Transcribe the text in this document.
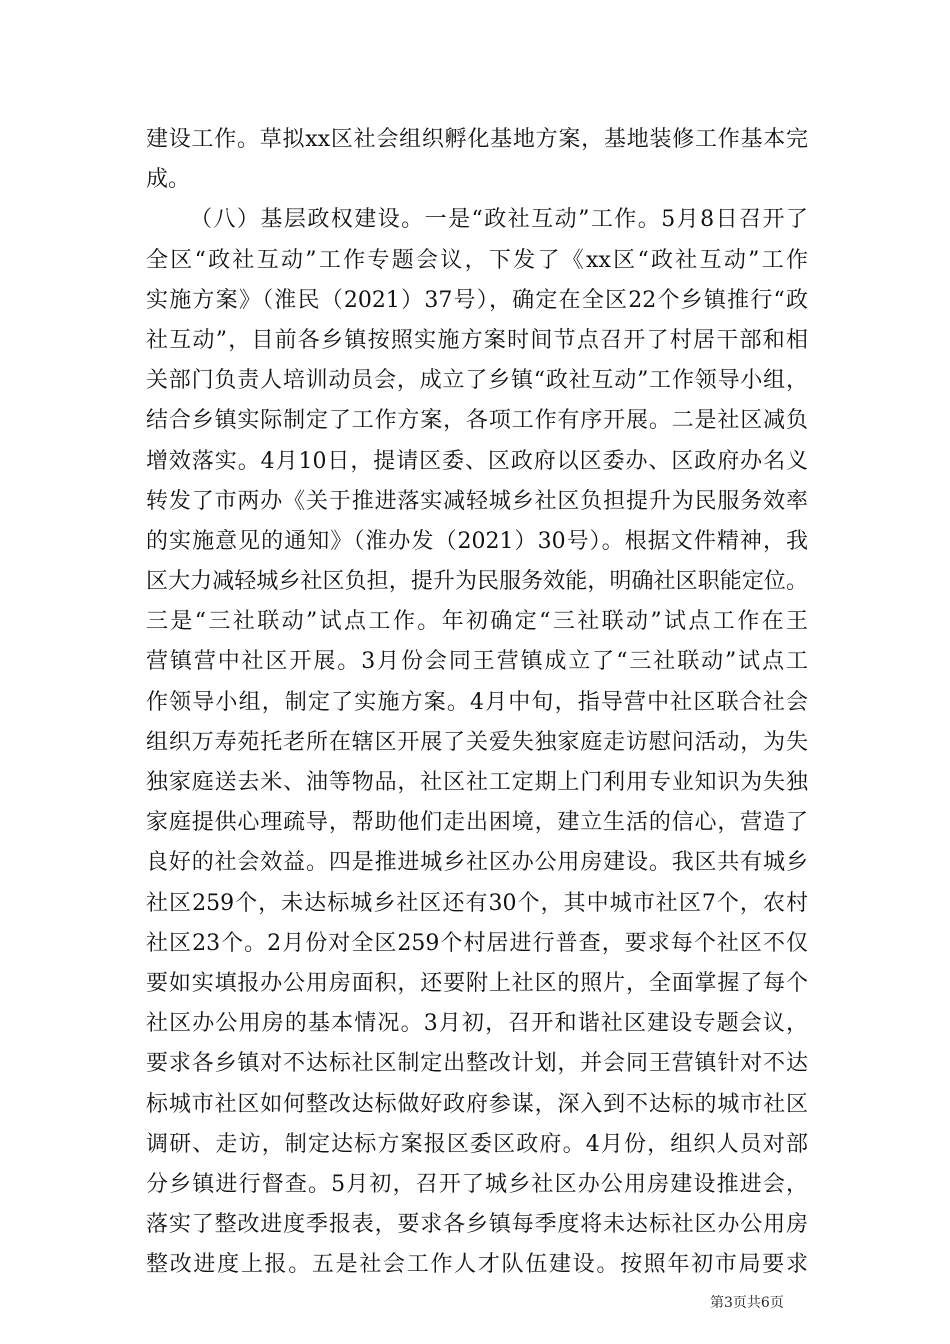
建设工作。草拟xx区社会组织孵化基地方案，基地装修工作基本完
成。
（八）基层政权建设。一是“政社互动”工作。5月8日召开了
全区“政社互动”工作专题会议，下发了《xx区“政社互动”工作
实施方案》（淮民（2021）37号），确定在全区22个乡镇推行“政
社互动”，目前各乡镇按照实施方案时间节点召开了村居干部和相
关部门负责人培训动员会，成立了乡镇“政社互动”工作领导小组，
结合乡镇实际制定了工作方案，各项工作有序开展。二是社区减负
增效落实。4月10日，提请区委、区政府以区委办、区政府办名义
转发了市两办《关于推进落实减轻城乡社区负担提升为民服务效率
的实施意见的通知》（淮办发（2021）30号）。根据文件精神，我
区大力减轻城乡社区负担，提升为民服务效能，明确社区职能定位。
三是“三社联动”试点工作。年初确定“三社联动”试点工作在王
营镇营中社区开展。3月份会同王营镇成立了“三社联动”试点工
作领导小组，制定了实施方案。4月中旬，指导营中社区联合社会
组织万寿苑托老所在辖区开展了关爱失独家庭走访慰问活动，为失
独家庭送去米、油等物品，社区社工定期上门利用专业知识为失独
家庭提供心理疏导，帮助他们走出困境，建立生活的信心，营造了
良好的社会效益。四是推进城乡社区办公用房建设。我区共有城乡
社区259个，未达标城乡社区还有30个，其中城市社区7个，农村
社区23个。2月份对全区259个村居进行普查，要求每个社区不仅
要如实填报办公用房面积，还要附上社区的照片，全面掌握了每个
社区办公用房的基本情况。3月初，召开和谐社区建设专题会议，
要求各乡镇对不达标社区制定出整改计划，并会同王营镇针对不达
标城市社区如何整改达标做好政府参谋，深入到不达标的城市社区
调研、走访，制定达标方案报区委区政府。4月份，组织人员对部
分乡镇进行督查。5月初，召开了城乡社区办公用房建设推进会，
落实了整改进度季报表，要求各乡镇每季度将未达标社区办公用房
整改进度上报。五是社会工作人才队伍建设。按照年初市局要求
第3页共6页
